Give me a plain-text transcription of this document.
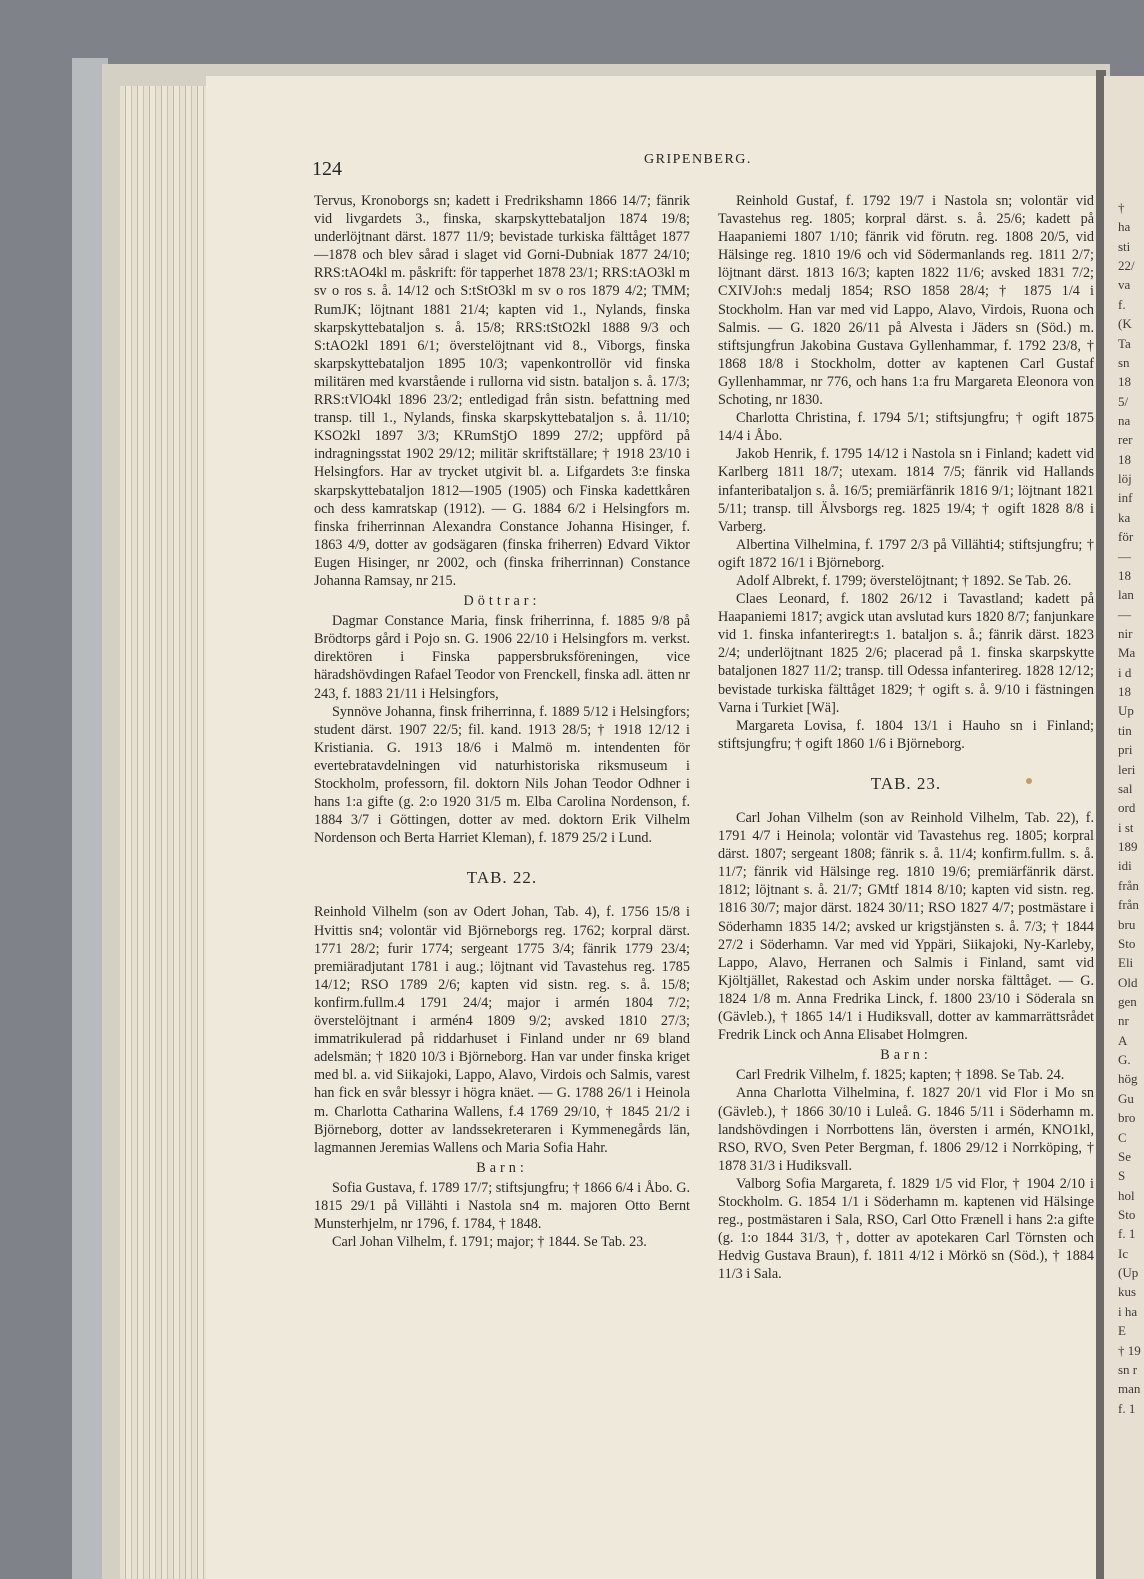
†
ha
sti
22/
va
f.
(K
Ta
sn
18
5/
na
rer
18
löj
inf
ka
för
—
18
lan
—
nir
Ma
i d
18
Up
tin
pri
leri
sal
ord
i st
189
idi
från
från
bru
Sto
Eli
Old
gen
nr
A
G.
hög
Gu
bro
C
Se
S
hol
Sto
f. 1
Ic
(Up
kus
i ha
E
† 19
sn r
man
f. 1
124	GRIPENBERG.

Tervus, Kronoborgs sn; kadett i Fredrikshamn 1866 14/7; fänrik vid livgardets 3., finska, skarpskyttebataljon 1874 19/8; underlöjtnant därst. 1877 11/9; bevistade turkiska fälttåget 1877—1878 och blev sårad i slaget vid Gorni-Dubniak 1877 24/10; RRS:tAO4kl m. påskrift: för tapperhet 1878 23/1; RRS:tAO3kl m sv o ros s. å. 14/12 och S:tStO3kl m sv o ros 1879 4/2; TMM; RumJK; löjtnant 1881 21/4; kapten vid 1., Nylands, finska skarpskyttebataljon s. å. 15/8; RRS:tStO2kl 1888 9/3 och S:tAO2kl 1891 6/1; överstelöjtnant vid 8., Viborgs, finska skarpskyttebataljon 1895 10/3; vapenkontrollör vid finska militären med kvarstående i rullorna vid sistn. bataljon s. å. 17/3; RRS:tVlO4kl 1896 23/2; entledigad från sistn. befattning med transp. till 1., Nylands, finska skarpskyttebataljon s. å. 11/10; KSO2kl 1897 3/3; KRumStjO 1899 27/2; uppförd på indragningsstat 1902 29/12; militär skriftställare; † 1918 23/10 i Helsingfors. Har av trycket utgivit bl. a. Lifgardets 3:e finska skarpskyttebataljon 1812—1905 (1905) och Finska kadettkåren och dess kamratskap (1912). — G. 1884 6/2 i Helsingfors m. finska friherrinnan Alexandra Constance Johanna Hisinger, f. 1863 4/9, dotter av godsägaren (finska friherren) Edvard Viktor Eugen Hisinger, nr 2002, och (finska friherrinnan) Constance Johanna Ramsay, nr 215.

Döttrar:

Dagmar Constance Maria, finsk friherrinna, f. 1885 9/8 på Brödtorps gård i Pojo sn. G. 1906 22/10 i Helsingfors m. verkst. direktören i Finska pappersbruksföreningen, vice häradshövdingen Rafael Teodor von Frenckell, finska adl. ätten nr 243, f. 1883 21/11 i Helsingfors,

Synnöve Johanna, finsk friherrinna, f. 1889 5/12 i Helsingfors; student därst. 1907 22/5; fil. kand. 1913 28/5; † 1918 12/12 i Kristiania. G. 1913 18/6 i Malmö m. intendenten för evertebratavdelningen vid naturhistoriska riksmuseum i Stockholm, professorn, fil. doktorn Nils Johan Teodor Odhner i hans 1:a gifte (g. 2:o 1920 31/5 m. Elba Carolina Nordenson, f. 1884 3/7 i Göttingen, dotter av med. doktorn Erik Vilhelm Nordenson och Berta Harriet Kleman), f. 1879 25/2 i Lund.

TAB. 22.

Reinhold Vilhelm (son av Odert Johan, Tab. 4), f. 1756 15/8 i Hvittis sn4; volontär vid Björneborgs reg. 1762; korpral därst. 1771 28/2; furir 1774; sergeant 1775 3/4; fänrik 1779 23/4; premiäradjutant 1781 i aug.; löjtnant vid Tavastehus reg. 1785 14/12; RSO 1789 2/6; kapten vid sistn. reg. s. å. 15/8; konfirm.fullm.4 1791 24/4; major i armén 1804 7/2; överstelöjtnant i armén4 1809 9/2; avsked 1810 27/3; immatrikulerad på riddarhuset i Finland under nr 69 bland adelsmän; † 1820 10/3 i Björneborg. Han var under finska kriget med bl. a. vid Siikajoki, Lappo, Alavo, Virdois och Salmis, varest han fick en svår blessyr i högra knäet. — G. 1788 26/1 i Heinola m. Charlotta Catharina Wallens, f.4 1769 29/10, † 1845 21/2 i Björneborg, dotter av landssekreteraren i Kymmenegårds län, lagmannen Jeremias Wallens och Maria Sofia Hahr.

Barn:

Sofia Gustava, f. 1789 17/7; stiftsjungfru; † 1866 6/4 i Åbo. G. 1815 29/1 på Villähti i Nastola sn4 m. majoren Otto Bernt Munsterhjelm, nr 1796, f. 1784, † 1848.

Carl Johan Vilhelm, f. 1791; major; † 1844. Se Tab. 23.

Reinhold Gustaf, f. 1792 19/7 i Nastola sn; volontär vid Tavastehus reg. 1805; korpral därst. s. å. 25/6; kadett på Haapaniemi 1807 1/10; fänrik vid förutn. reg. 1808 20/5, vid Hälsinge reg. 1810 19/6 och vid Södermanlands reg. 1811 2/7; löjtnant därst. 1813 16/3; kapten 1822 11/6; avsked 1831 7/2; CXIVJoh:s medalj 1854; RSO 1858 28/4; † 1875 1/4 i Stockholm. Han var med vid Lappo, Alavo, Virdois, Ruona och Salmis. — G. 1820 26/11 på Alvesta i Jäders sn (Söd.) m. stiftsjungfrun Jakobina Gustava Gyllenhammar, f. 1792 23/8, † 1868 18/8 i Stockholm, dotter av kaptenen Carl Gustaf Gyllenhammar, nr 776, och hans 1:a fru Margareta Eleonora von Schoting, nr 1830.

Charlotta Christina, f. 1794 5/1; stiftsjungfru; † ogift 1875 14/4 i Åbo.

Jakob Henrik, f. 1795 14/12 i Nastola sn i Finland; kadett vid Karlberg 1811 18/7; utexam. 1814 7/5; fänrik vid Hallands infanteribataljon s. å. 16/5; premiärfänrik 1816 9/1; löjtnant 1821 5/11; transp. till Älvsborgs reg. 1825 19/4; † ogift 1828 8/8 i Varberg.

Albertina Vilhelmina, f. 1797 2/3 på Villähti4; stiftsjungfru; † ogift 1872 16/1 i Björneborg.

Adolf Albrekt, f. 1799; överstelöjtnant; † 1892. Se Tab. 26.

Claes Leonard, f. 1802 26/12 i Tavastland; kadett på Haapaniemi 1817; avgick utan avslutad kurs 1820 8/7; fanjunkare vid 1. finska infanteriregt:s 1. bataljon s. å.; fänrik därst. 1823 2/4; underlöjtnant 1825 2/6; placerad på 1. finska skarpskytte bataljonen 1827 11/2; transp. till Odessa infanterireg. 1828 12/12; bevistade turkiska fälttåget 1829; † ogift s. å. 9/10 i fästningen Varna i Turkiet [Wä].

Margareta Lovisa, f. 1804 13/1 i Hauho sn i Finland; stiftsjungfru; † ogift 1860 1/6 i Björneborg.

TAB. 23.

Carl Johan Vilhelm (son av Reinhold Vilhelm, Tab. 22), f. 1791 4/7 i Heinola; volontär vid Tavastehus reg. 1805; korpral därst. 1807; sergeant 1808; fänrik s. å. 11/4; konfirm.fullm. s. å. 11/7; fänrik vid Hälsinge reg. 1810 19/6; premiärfänrik därst. 1812; löjtnant s. å. 21/7; GMtf 1814 8/10; kapten vid sistn. reg. 1816 30/7; major därst. 1824 30/11; RSO 1827 4/7; postmästare i Söderhamn 1835 14/2; avsked ur krigstjänsten s. å. 7/3; † 1844 27/2 i Söderhamn. Var med vid Yppäri, Siikajoki, Ny-Karleby, Lappo, Alavo, Herranen och Salmis i Finland, samt vid Kjöltjället, Rakestad och Askim under norska fälttåget. — G. 1824 1/8 m. Anna Fredrika Linck, f. 1800 23/10 i Söderala sn (Gävleb.), † 1865 14/1 i Hudiksvall, dotter av kammarrättsrådet Fredrik Linck och Anna Elisabet Holmgren.

Barn:

Carl Fredrik Vilhelm, f. 1825; kapten; † 1898. Se Tab. 24.

Anna Charlotta Vilhelmina, f. 1827 20/1 vid Flor i Mo sn (Gävleb.), † 1866 30/10 i Luleå. G. 1846 5/11 i Söderhamn m. landshövdingen i Norrbottens län, översten i armén, KNO1kl, RSO, RVO, Sven Peter Bergman, f. 1806 29/12 i Norrköping, † 1878 31/3 i Hudiksvall.

Valborg Sofia Margareta, f. 1829 1/5 vid Flor, † 1904 2/10 i Stockholm. G. 1854 1/1 i Söderhamn m. kaptenen vid Hälsinge reg., postmästaren i Sala, RSO, Carl Otto Frænell i hans 2:a gifte (g. 1:o 1844 31/3, †, dotter av apotekaren Carl Törnsten och Hedvig Gustava Braun), f. 1811 4/12 i Mörkö sn (Söd.), † 1884 11/3 i Sala.
